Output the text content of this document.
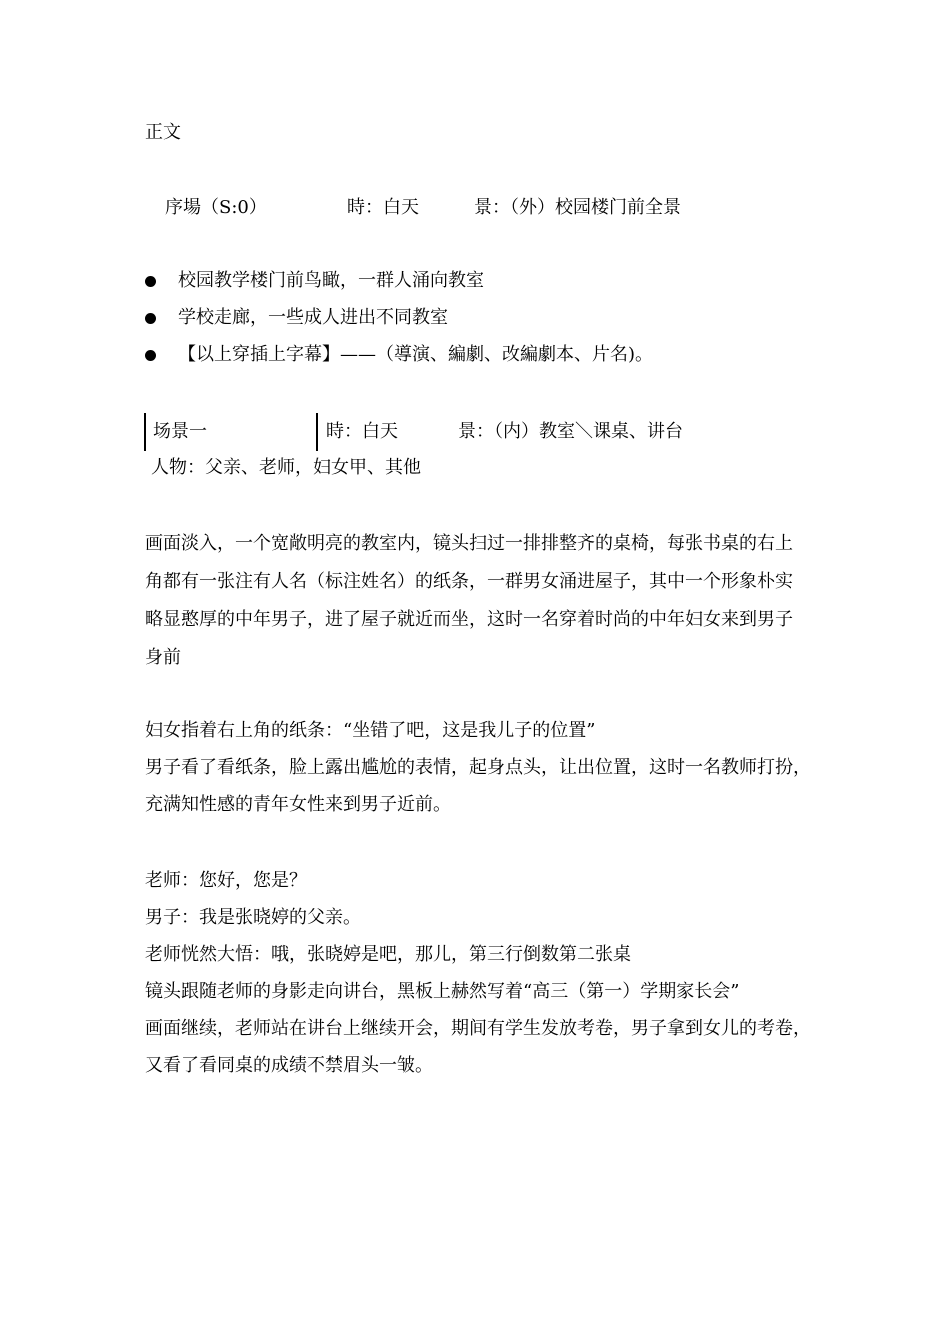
正文
序場（S:0）	時：白天	景：（外）校园楼门前全景
校园教学楼门前鸟瞰，一群人涌向教室
学校走廊，一些成人进出不同教室
【以上穿插上字幕】——（導演、編劇、改編劇本、片名)。
场景一	時：白天	景：（内）教室＼课桌、讲台
人物：父亲、老师，妇女甲、其他
画面淡入，一个宽敞明亮的教室内，镜头扫过一排排整齐的桌椅，每张书桌的右上
角都有一张注有人名（标注姓名）的纸条，一群男女涌进屋子，其中一个形象朴实
略显憨厚的中年男子，进了屋子就近而坐，这时一名穿着时尚的中年妇女来到男子
身前
妇女指着右上角的纸条：“坐错了吧，这是我儿子的位置”
男子看了看纸条，脸上露出尴尬的表情，起身点头，让出位置，这时一名教师打扮，
充满知性感的青年女性来到男子近前。
老师：您好，您是？
男子：我是张晓婷的父亲。
老师恍然大悟：哦，张晓婷是吧，那儿，第三行倒数第二张桌
镜头跟随老师的身影走向讲台，黑板上赫然写着“高三（第一）学期家长会”
画面继续，老师站在讲台上继续开会，期间有学生发放考卷，男子拿到女儿的考卷，
又看了看同桌的成绩不禁眉头一皱。
